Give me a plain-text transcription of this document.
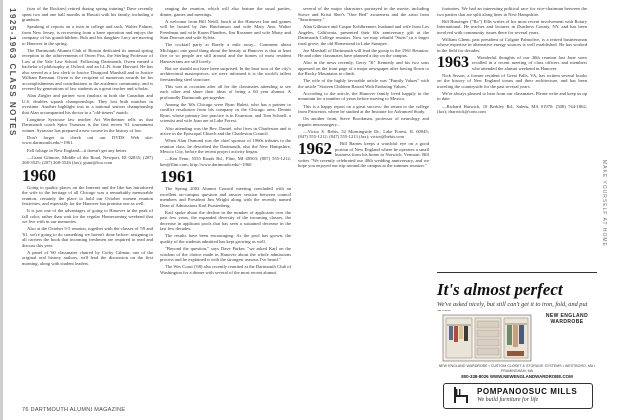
1925-1963 CLASS NOTES	(star of the Rockies) retired during spring training! Dave recently spent two and one half months in Hawaii with his family, including a grandson.

Speaking of reports on a twin in college and such, Walter Palmer, from New Jersey, is recovering from a knee operation and enjoys the company of his grandchildren. Bob and his daughter Lucy are moving to Hanover in the spring.

The Dartmouth Alumni Club of Boston dedicated its annual spring reception to the achievements of Owen Fiss, the Sterling Professor of Law at the Yale Law School. Following Dartmouth, Owen earned a bachelor of philosophy at Oxford, and an LL.B. from Harvard. He has also served as a law clerk to Justice Thurgood Marshall and to Justice William Brennan. Owen is the recipient of numerous awards for his accomplishments and contributions to the academic community, and is revered by generations of law students as a great teacher and scholar.

Alan Ziegler and partner won finalists in both the Canadian and U.S. doubles squash championships. They lost both matches in overtime. Another highlight was in a national seniors championship that Alan accompanied his doctor to a "old-timers" match.

Longtime Syracuse law teacher Art Wertheimer tells us that Dartmouth coach Spiro Tsoutsas is the first recent '61 tournament winner. Syracuse has prepared a new course in the history of law.

Don't forget to check out our DVDS Web site: www.dartmouth.edu/~1961.

Fall foliage in New England—it doesn't get any better.

—Grant Gilmore, Middle of the Road, Newport, RI 02835; (207) 268-3525; (207) 268-3526 (fax); grant@foo.com

1960

Going to quality places on the Internet and the like has introduced the wife to the heritage of all Chicago was a remarkably memorable reunion, certainly the place to hold our October women reunion festivities, and especially for the Hanover fun promise one as well.

It is just one of the advantages of going to Hanover in the peak of fall color, rather than wait for the regular Homecoming weekend that we live with in our memories.

Also at the October 5-5 reunion, together with the classes of '59 and '61, we're going to do something we haven't done before: assigning to all carriers the book that incoming freshmen are required to read and discuss this year.

A panel of '60 classmates chaired by Corky Gilman, one of the original oral history authors, will lead the discussion on the first morning, along with student leaders.

ranging the reunion, which will also feature the usual parties, dinner, games and meetings.

A welcome from Bill Neidl, lunch at the Hanover Inn and games will be hosted by Jim Hutchinson and wife Mary Ann, Walter Freedman and wife Karen Flanders, Jim Rossmer and wife Marty and Stan Dawson and wife Sylvia.

The cocktail party at Barely a mile away... Comment about Michigan: one good thing about the beauty at Hanover is that at least five or so people are still around and the homes of most resident Hanoverians are still lovely.

But we should not have been surprised. In the boat tour of the city's architectural masterpieces, we were informed it is the world's tallest freestanding steel structure.

This was at occasion after all for the classmates attending to see each other and share their ideas of being a 60 year alumni. A profoundly Dartmouth get-together.

Among the '60s Chicago were Ryan Hulett, who has a pointer to conflict resolution from his company in the Chicago area, Dennis Ryan, whose primary law practice is in Evanston, and Tom Schnell, a scientist and wife Joan are at Lake Forest.

Also attending was the Rev. Daniel, who lives in Charleston and is active in the Episcopal Church and the Charleston Council.

When Alan Osmond was the chief sponsor of 1960s tributes to the reunion class, he described the Dartmouth, also the New Hampshire, Mexico City, before the recent project activity began.

—Ken Fenn, 5555 Roads Rd., Flint, MI 48503; (807) 555-1212; ken@flint.com; http://www.dartmouth.edu/~1960

1961

The Spring 2003 Alumni Council meeting concluded with an excellent on-campus question and answer session between council members and President Jim Wright along with the recently named Dean of Admissions Karl Furstenberg.

Karl spoke about the decline in the number of applicants over the past few years, the expanded diversity of the incoming classes, the decrease in applicant pools that has seen a sustained decrease in the last few decades.

The results have been encouraging. As the pool has grown, the quality of the students admitted has kept growing as well.

"Beyond the question," says Dave Parker, "we asked Karl on the wisdom of the choice made in Hanover about the whole admissions process and he explained it with the strongest reasons I've heard."

The Wes Coast ('68) also recently reunited at the Dartmouth Club of Washington for a dinner with several of the most recent alumni.

several of the major characters portrayed in the movie, including Stowe and Kristi Sher's "One Bed" awareness and the artist from "Sanctimony."

Alan Gillmore and Caspar Kohlbrenner, husband and wife from Los Angeles, California, presented their 60s anniversary gift at the Dartmouth College reunion. Now we may rebuild "Suits" in a larger rural grove, the old Homestead in Lake Sunapee.

Joe Marshall of Dartmouth will lead the group to the 1961 Reunion. He and other classmates have planned a day on the campus.

Also in the news recently, Gerry "K" Kennedy and his two sons appeared on the front page of a major newspaper after having flown to the Rocky Mountains to climb.

The wife of the highly favorable article was "Family Values" with the article "Sixteen Children Raised With Enduring Values."

According to the article, the Hanover family lived happily in the mountain for a number of years before moving to Mexico.

This is a happy report on a great success: the return to the college from Princeton, where he studied at the Institute for Advanced Study.

On another front, Steve Brookman, professor of neurology and organic neurosurgery...

—Victor S. Bebis, 52 Morningside Dr., Lake Forest, IL 60045; (847) 555-1212; (847) 555-1213 (fax); victor@bebis.com

1962	Bill Barnes keeps a watchful eye on a good portion of New England where he operates a small business from his home in Norwich, Vermont. Bill writes "We recently celebrated our 40th wedding anniversary, and we hope you enjoyed our trip around the campus at the summer reunion."

footnotes. We had an interesting political race for vice-chairman between the two parties that are split along lines in New Hampshire.

Bill Bussinger ("Bo") Ellis writes of his most recent involvement with Rotary International. He teaches and lectures in Dutchess County, NY, and has been involved with community issues there for several years.

William Ghent, past president of Colgate Palmolive, is a retired businessman whose expertise in alternative energy sources is well established. He has worked in the field for decades.

1963	Wonderful thoughts of our 40th reunion last June were recalled in a recent meeting of class officers and members who attended the alumni weekend in Hanover.

Nick Sisson, a former resident of Great Falls, VA, has written several books on the history of New England towns and their architecture, and has been traveling the countryside for the past several years.

We're always pleased to hear from our classmates. Please write and keep us up to date.

—Richard Harwick, 10 Berkley Rd., Salem, MA 01970; (508) 744-1862; (fax); rharwick@com.com

76 DARTMOUTH ALUMNI MAGAZINE
MAKE YOURSELF AT HOME
It's almost perfect
We've asked nicely, but still can't get it to iron, fold, and put
NEW ENGLAND WARDROBE
NEW ENGLAND WARDROBE • CUSTOM CLOSET & STORAGE SYSTEMS • WESTBORO, MA • FRAMINGHAM, MA
800-338-8026 WWW.NEWENGLANDWARDROBE.COM
POMPANOOSUC MILLS
We build furniture for life
